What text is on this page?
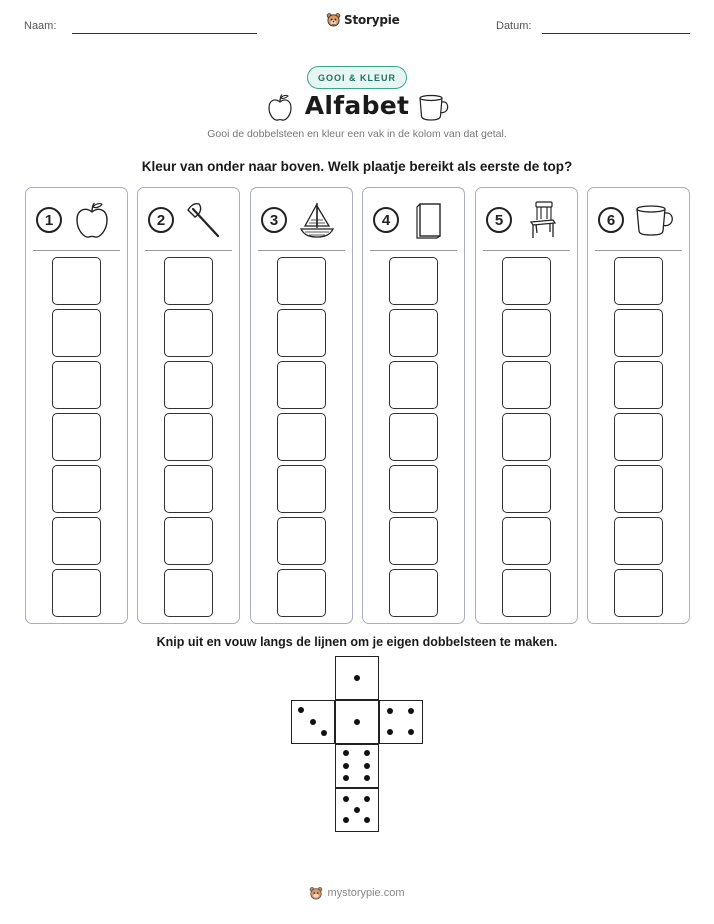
Naam:	Storypie	Datum:
GOOI & KLEUR
Alfabet
Gooi de dobbelsteen en kleur een vak in de kolom van dat getal.
Kleur van onder naar boven. Welk plaatje bereikt als eerste de top?
1	2	3	4	5	6
Knip uit en vouw langs de lijnen om je eigen dobbelsteen te maken.
mystorypie.com
